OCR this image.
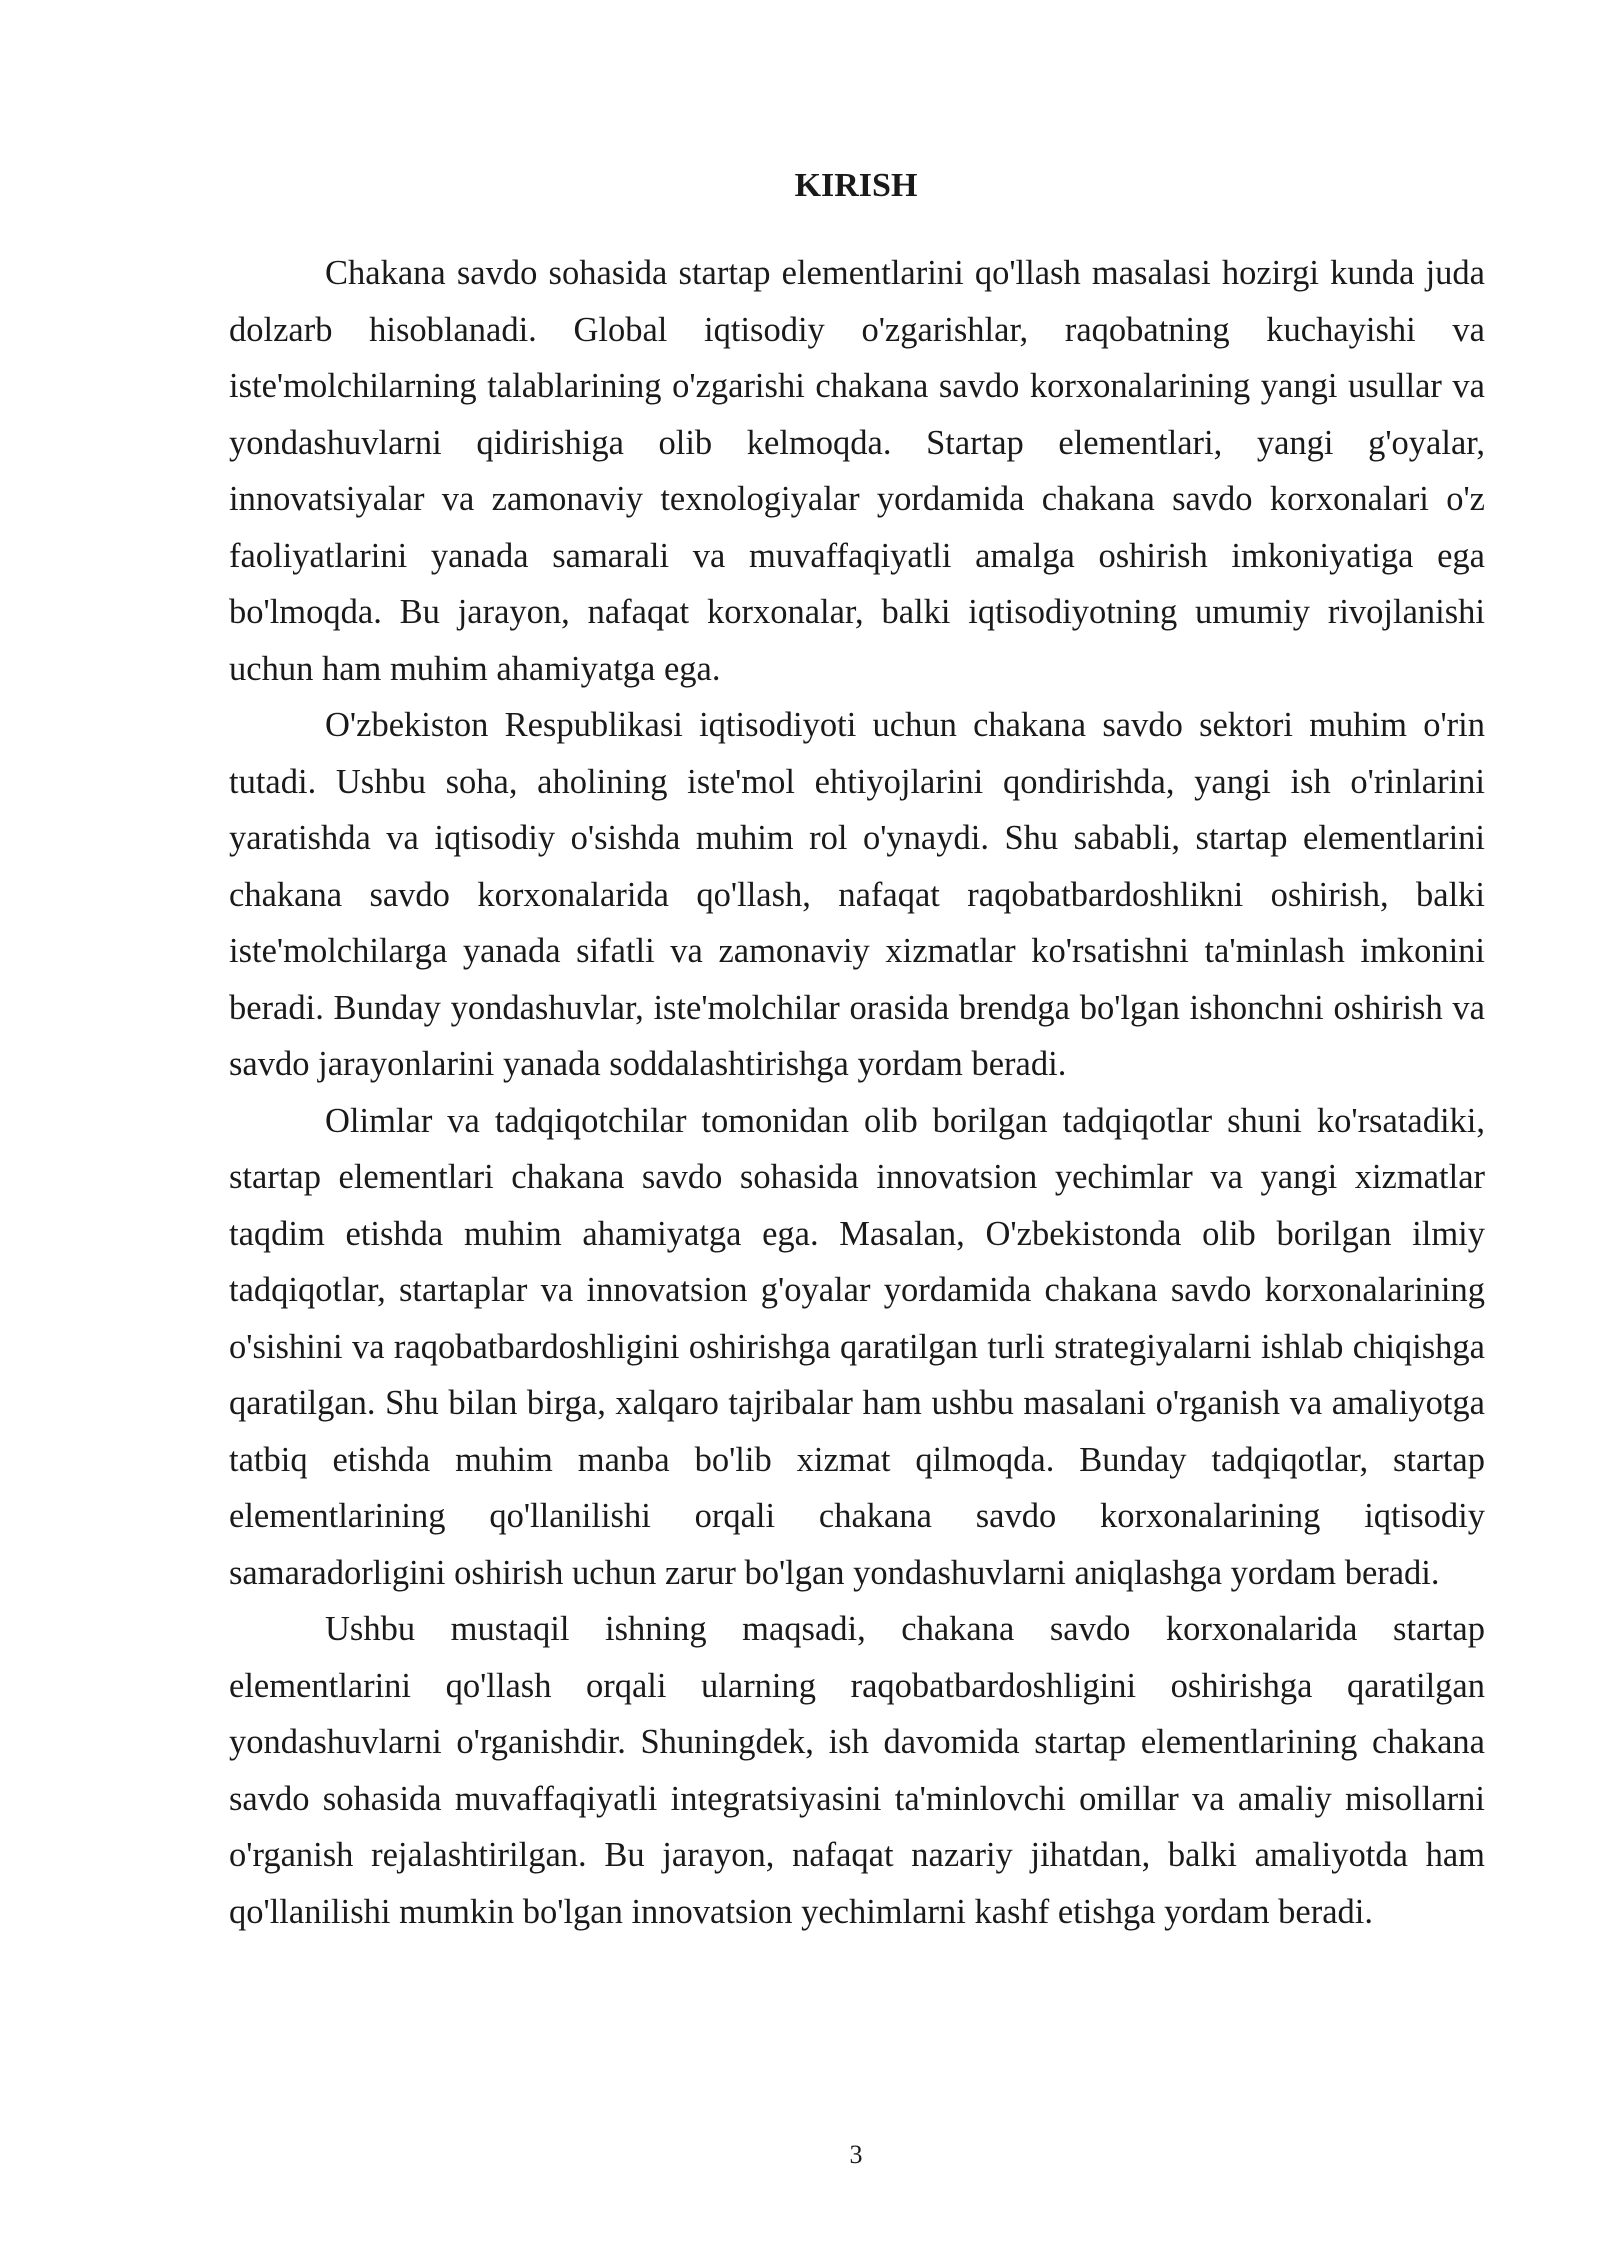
KIRISH

Chakana savdo sohasida startap elementlarini qo'llash masalasi hozirgi kunda juda dolzarb hisoblanadi. Global iqtisodiy o'zgarishlar, raqobatning kuchayishi va iste'molchilarning talablarining o'zgarishi chakana savdo korxonalarining yangi usullar va yondashuvlarni qidirishiga olib kelmoqda. Startap elementlari, yangi g'oyalar, innovatsiyalar va zamonaviy texnologiyalar yordamida chakana savdo korxonalari o'z faoliyatlarini yanada samarali va muvaffaqiyatli amalga oshirish imkoniyatiga ega bo'lmoqda. Bu jarayon, nafaqat korxonalar, balki iqtisodiyotning umumiy rivojlanishi uchun ham muhim ahamiyatga ega.

O'zbekiston Respublikasi iqtisodiyoti uchun chakana savdo sektori muhim o'rin tutadi. Ushbu soha, aholining iste'mol ehtiyojlarini qondirishda, yangi ish o'rinlarini yaratishda va iqtisodiy o'sishda muhim rol o'ynaydi. Shu sababli, startap elementlarini chakana savdo korxonalarida qo'llash, nafaqat raqobatbardoshlikni oshirish, balki iste'molchilarga yanada sifatli va zamonaviy xizmatlar ko'rsatishni ta'minlash imkonini beradi. Bunday yondashuvlar, iste'molchilar orasida brendga bo'lgan ishonchni oshirish va savdo jarayonlarini yanada soddalashtirishga yordam beradi.

Olimlar va tadqiqotchilar tomonidan olib borilgan tadqiqotlar shuni ko'rsatadiki, startap elementlari chakana savdo sohasida innovatsion yechimlar va yangi xizmatlar taqdim etishda muhim ahamiyatga ega. Masalan, O'zbekistonda olib borilgan ilmiy tadqiqotlar, startaplar va innovatsion g'oyalar yordamida chakana savdo korxonalarining o'sishini va raqobatbardoshligini oshirishga qaratilgan turli strategiyalarni ishlab chiqishga qaratilgan. Shu bilan birga, xalqaro tajribalar ham ushbu masalani o'rganish va amaliyotga tatbiq etishda muhim manba bo'lib xizmat qilmoqda. Bunday tadqiqotlar, startap elementlarining qo'llanilishi orqali chakana savdo korxonalarining iqtisodiy samaradorligini oshirish uchun zarur bo'lgan yondashuvlarni aniqlashga yordam beradi.

Ushbu mustaqil ishning maqsadi, chakana savdo korxonalarida startap elementlarini qo'llash orqali ularning raqobatbardoshligini oshirishga qaratilgan yondashuvlarni o'rganishdir. Shuningdek, ish davomida startap elementlarining chakana savdo sohasida muvaffaqiyatli integratsiyasini ta'minlovchi omillar va amaliy misollarni o'rganish rejalashtirilgan. Bu jarayon, nafaqat nazariy jihatdan, balki amaliyotda ham qo'llanilishi mumkin bo'lgan innovatsion yechimlarni kashf etishga yordam beradi.

3
